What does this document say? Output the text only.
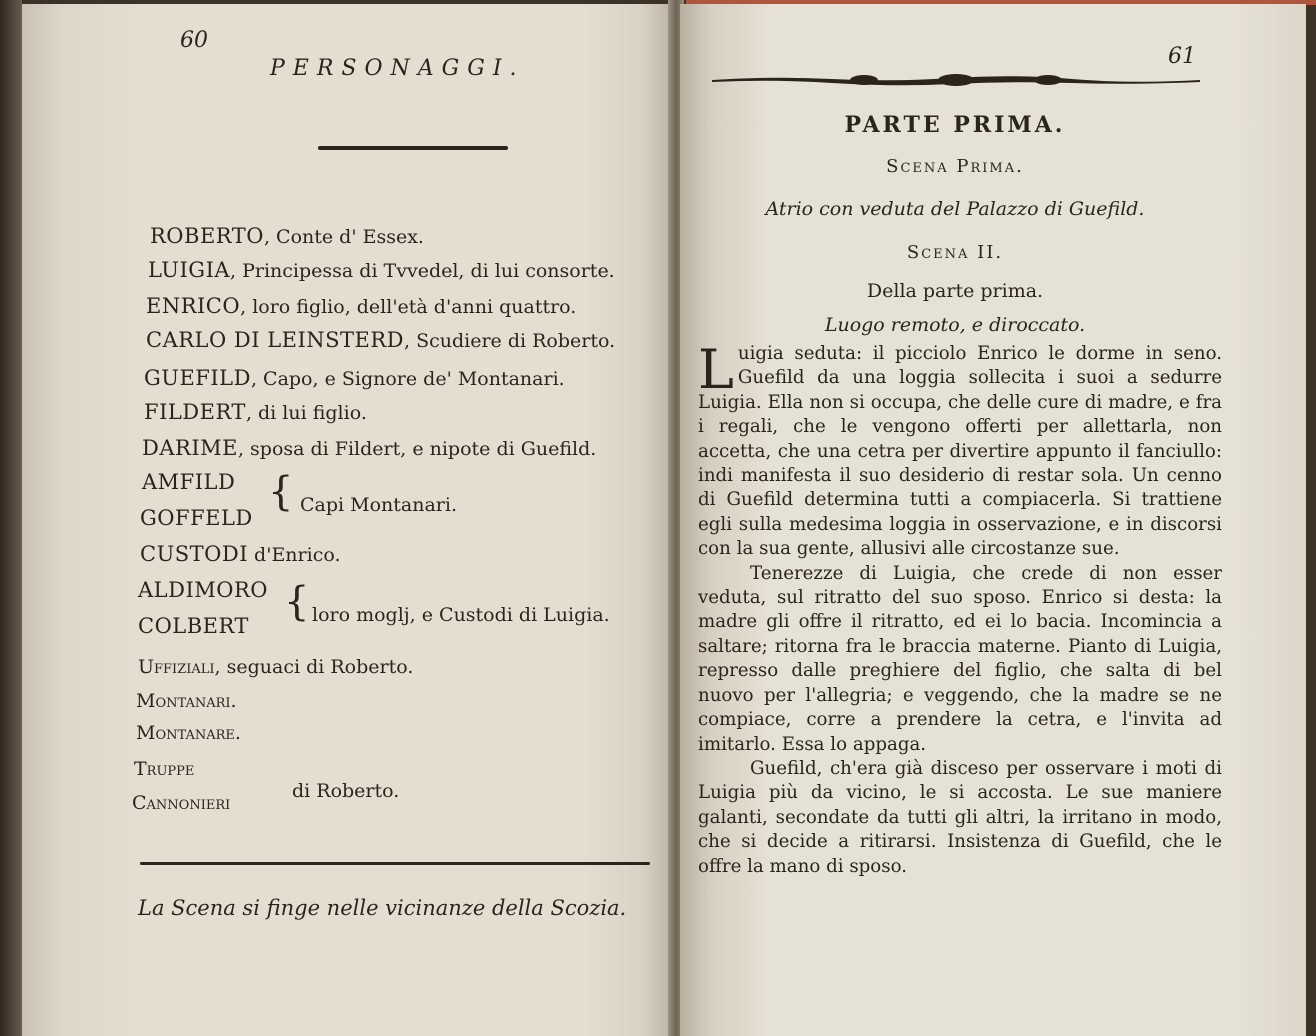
60
PERSONAGGI.
ROBERTO, Conte d' Essex.
LUIGIA, Principessa di Tvvedel, di lui consorte.
ENRICO, loro figlio, dell'età d'anni quattro.
CARLO DI LEINSTERD, Scudiere di Roberto.
GUEFILD, Capo, e Signore de' Montanari.
FILDERT, di lui figlio.
DARIME, sposa di Fildert, e nipote di Guefild.
AMFILD
GOFFELD
{ Capi Montanari.
CUSTODI d'Enrico.
ALDIMORO
COLBERT
{ loro moglj, e Custodi di Luigia.
Uffiziali, seguaci di Roberto.
Montanari.
Montanare.
Truppe
Cannonieri
di Roberto.
La Scena si finge nelle vicinanze della Scozia.
61
PARTE PRIMA.
Scena Prima.
Atrio con veduta del Palazzo di Guefild.
Scena II.
Della parte prima.
Luogo remoto, e diroccato.

Luigia seduta: il picciolo Enrico le dorme in seno. Guefild da una loggia sollecita i suoi a sedurre Luigia. Ella non si occupa, che delle cure di madre, e fra i regali, che le vengono offerti per allettarla, non accetta, che una cetra per divertire appunto il fanciullo: indi manifesta il suo desiderio di restar sola. Un cenno di Guefild determina tutti a compiacerla. Si trattiene egli sulla medesima loggia in osservazione, e in discorsi con la sua gente, allusivi alle circostanze sue.

Tenerezze di Luigia, che crede di non esser veduta, sul ritratto del suo sposo. Enrico si desta: la madre gli offre il ritratto, ed ei lo bacia. Incomincia a saltare; ritorna fra le braccia materne. Pianto di Luigia, represso dalle preghiere del figlio, che salta di bel nuovo per l'allegria; e veggendo, che la madre se ne compiace, corre a prendere la cetra, e l'invita ad imitarlo. Essa lo appaga.

Guefild, ch'era già disceso per osservare i moti di Luigia più da vicino, le si accosta. Le sue maniere galanti, secondate da tutti gli altri, la irritano in modo, che si decide a ritirarsi. Insistenza di Guefild, che le offre la mano di sposo.
